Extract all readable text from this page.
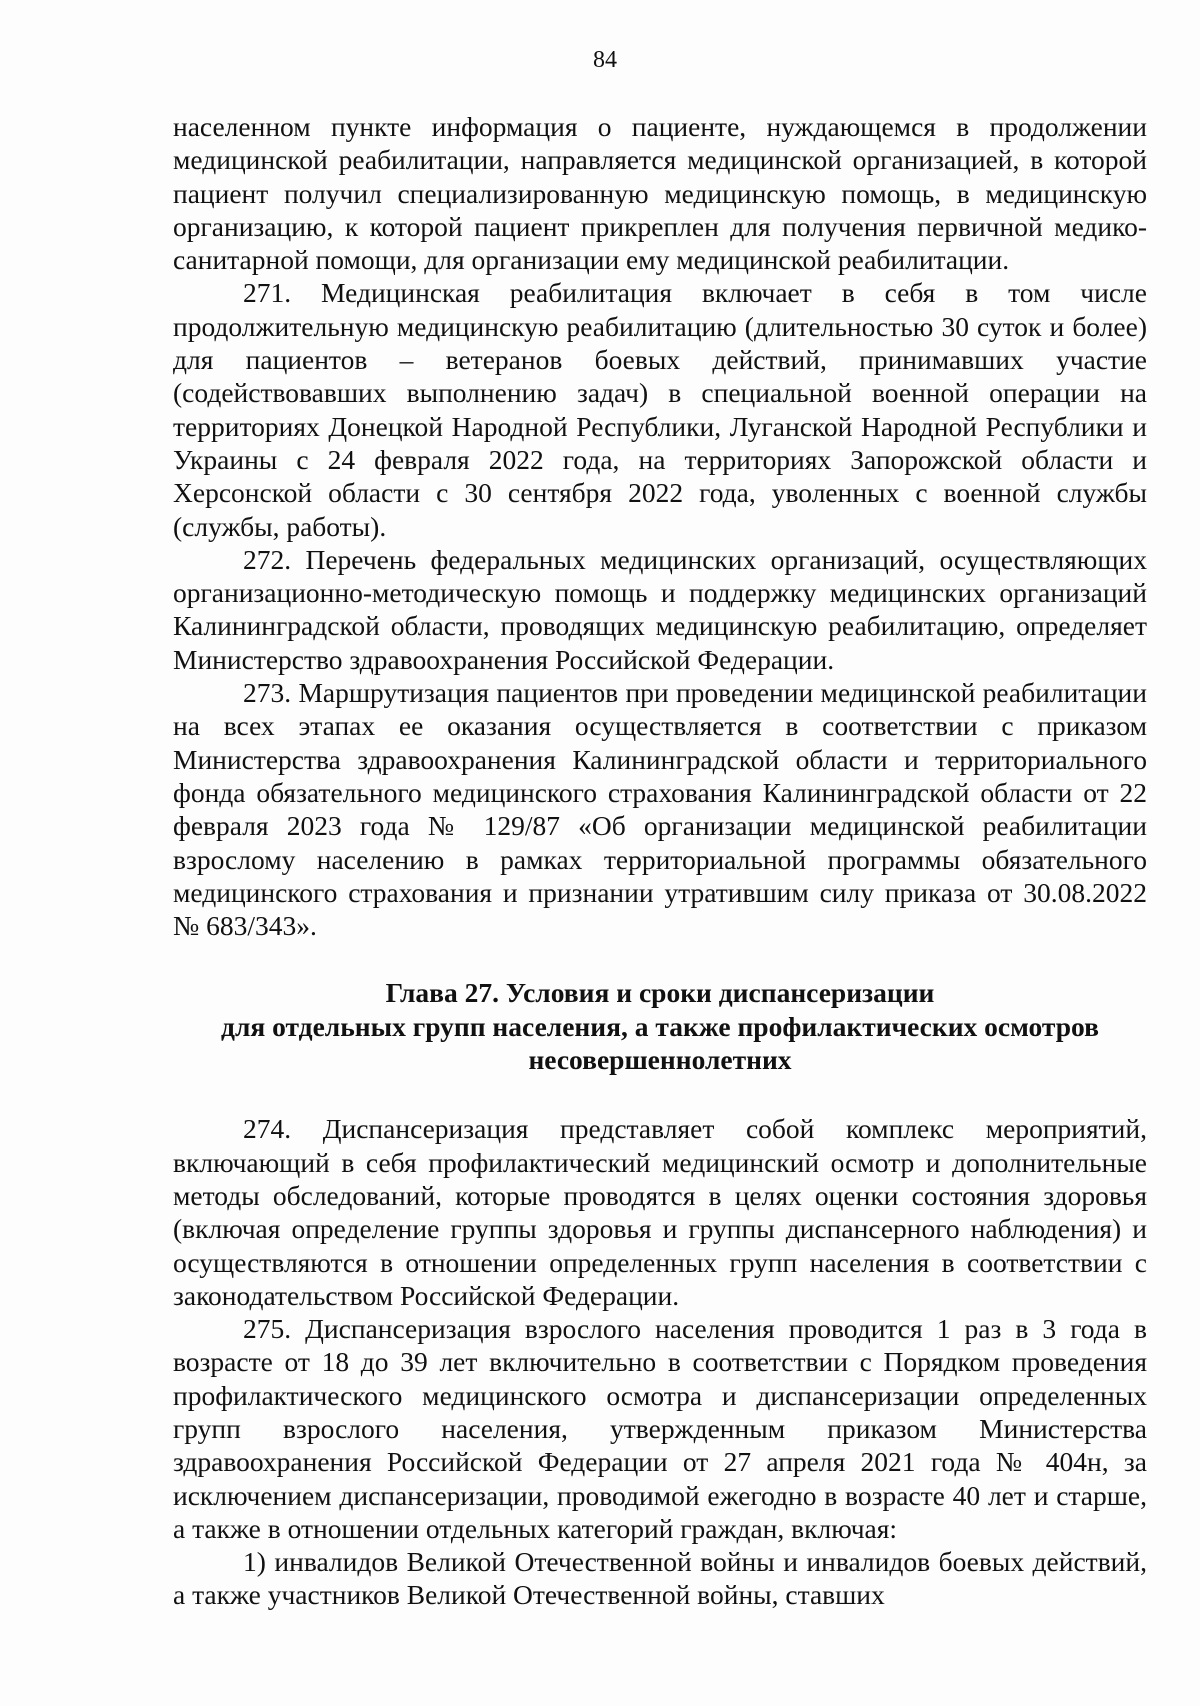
84

населенном пункте информация о пациенте, нуждающемся в продолжении медицинской реабилитации, направляется медицинской организацией, в которой пациент получил специализированную медицинскую помощь, в медицинскую организацию, к которой пациент прикреплен для получения первичной медико-санитарной помощи, для организации ему медицинской реабилитации.

271. Медицинская реабилитация включает в себя в том числе продолжительную медицинскую реабилитацию (длительностью 30 суток и более) для пациентов – ветеранов боевых действий, принимавших участие (содействовавших выполнению задач) в специальной военной операции на территориях Донецкой Народной Республики, Луганской Народной Республики и Украины с 24 февраля 2022 года, на территориях Запорожской области и Херсонской области с 30 сентября 2022 года, уволенных с военной службы (службы, работы).

272. Перечень федеральных медицинских организаций, осуществляющих организационно-методическую помощь и поддержку медицинских организаций Калининградской области, проводящих медицинскую реабилитацию, определяет Министерство здравоохранения Российской Федерации.

273. Маршрутизация пациентов при проведении медицинской реабилитации на всех этапах ее оказания осуществляется в соответствии с приказом Министерства здравоохранения Калининградской области и территориального фонда обязательного медицинского страхования Калининградской области от 22 февраля 2023 года № 129/87 «Об организации медицинской реабилитации взрослому населению в рамках территориальной программы обязательного медицинского страхования и признании утратившим силу приказа от 30.08.2022 № 683/343».

Глава 27. Условия и сроки диспансеризации
для отдельных групп населения, а также профилактических осмотров
несовершеннолетних

274. Диспансеризация представляет собой комплекс мероприятий, включающий в себя профилактический медицинский осмотр и дополнительные методы обследований, которые проводятся в целях оценки состояния здоровья (включая определение группы здоровья и группы диспансерного наблюдения) и осуществляются в отношении определенных групп населения в соответствии с законодательством Российской Федерации.

275. Диспансеризация взрослого населения проводится 1 раз в 3 года в возрасте от 18 до 39 лет включительно в соответствии с Порядком проведения профилактического медицинского осмотра и диспансеризации определенных групп взрослого населения, утвержденным приказом Министерства здравоохранения Российской Федерации от 27 апреля 2021 года № 404н, за исключением диспансеризации, проводимой ежегодно в возрасте 40 лет и старше, а также в отношении отдельных категорий граждан, включая:

1) инвалидов Великой Отечественной войны и инвалидов боевых действий, а также участников Великой Отечественной войны, ставших
